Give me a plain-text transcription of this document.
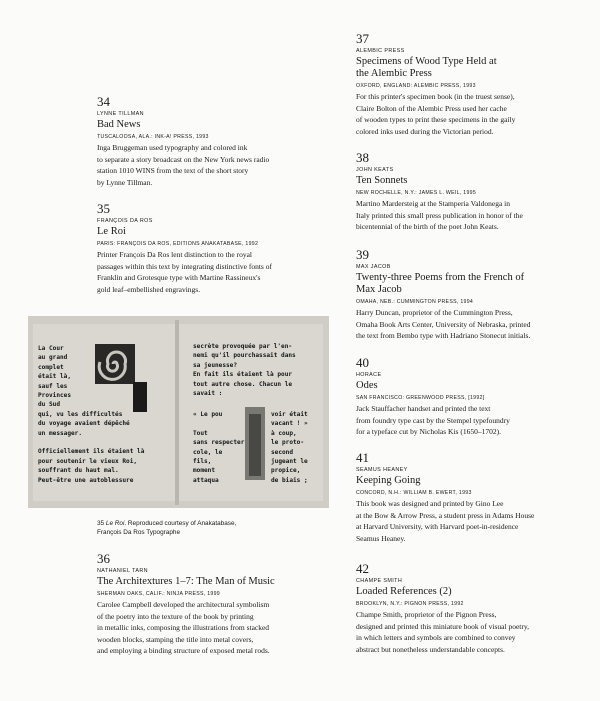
34

LYNNE TILLMAN

Bad News

TUSCALOOSA, ALA.: INK-A! PRESS, 1993

Inga Bruggeman used typography and colored ink
to separate a story broadcast on the New York news radio
station 1010 WINS from the text of the short story
by Lynne Tillman.

35

FRANÇOIS DA ROS

Le Roi

PARIS: FRANÇOIS DA ROS, EDITIONS ANAKATABASE, 1992

Printer François Da Ros lent distinction to the royal
passages within this text by integrating distinctive fonts of
Franklin and Grotesque type with Martine Rassineux's
gold leaf–embellished engravings.

36

NATHANIEL TARN

The Architextures 1–7: The Man of Music

SHERMAN OAKS, CALIF.: NINJA PRESS, 1999

Carolee Campbell developed the architectural symbolism
of the poetry into the texture of the book by printing
in metallic inks, composing the illustrations from stacked
wooden blocks, stamping the title into metal covers,
and employing a binding structure of exposed metal rods.

La Cour
au grand
complet
était là,
sauf les
Provinces
du Sud
qui, vu les difficultés
du voyage avaient dépêché
un messager.

Officiellement ils étaient là
pour soutenir le vieux Roi,
souffrant du haut mal.
Peut-être une autoblessure
secrète provoquée par l'en-
nemi qu'il pourchassait dans
sa jeunesse?
En fait ils étaient là pour
tout autre chose. Chacun le
savait :
« Le pou

Tout
sans respecter
cole, le
fils,
moment
attaqua
voir était
vacant ! »
à coup,
le proto-
second
jugeant le
propice,
de biais ;
35 Le Roi. Reproduced courtesy of Anakatabase,
François Da Ros Typographe

37

ALEMBIC PRESS

Specimens of Wood Type Held at
the Alembic Press

OXFORD, ENGLAND: ALEMBIC PRESS, 1993

For this printer's specimen book (in the truest sense),
Claire Bolton of the Alembic Press used her cache
of wooden types to print these specimens in the gaily
colored inks used during the Victorian period.

38

JOHN KEATS

Ten Sonnets

NEW ROCHELLE, N.Y.: JAMES L. WEIL, 1995

Martino Mardersteig at the Stamperia Valdonega in
Italy printed this small press publication in honor of the
bicentennial of the birth of the poet John Keats.

39

MAX JACOB

Twenty-three Poems from the French of
Max Jacob

OMAHA, NEB.: CUMMINGTON PRESS, 1994

Harry Duncan, proprietor of the Cummington Press,
Omaha Book Arts Center, University of Nebraska, printed
the text from Bembo type with Hadriano Stonecut initials.

40

HORACE

Odes

SAN FRANCISCO: GREENWOOD PRESS, [1992]

Jack Stauffacher handset and printed the text
from foundry type cast by the Stempel typefoundry
for a typeface cut by Nicholas Kis (1650–1702).

41

SEAMUS HEANEY

Keeping Going

CONCORD, N.H.: WILLIAM B. EWERT, 1993

This book was designed and printed by Gino Lee
at the Bow & Arrow Press, a student press in Adams House
at Harvard University, with Harvard poet-in-residence
Seamus Heaney.

42

CHAMPE SMITH

Loaded References (2)

BROOKLYN, N.Y.: PIGNON PRESS, 1992

Champe Smith, proprietor of the Pignon Press,
designed and printed this miniature book of visual poetry,
in which letters and symbols are combined to convey
abstract but nonetheless understandable concepts.
